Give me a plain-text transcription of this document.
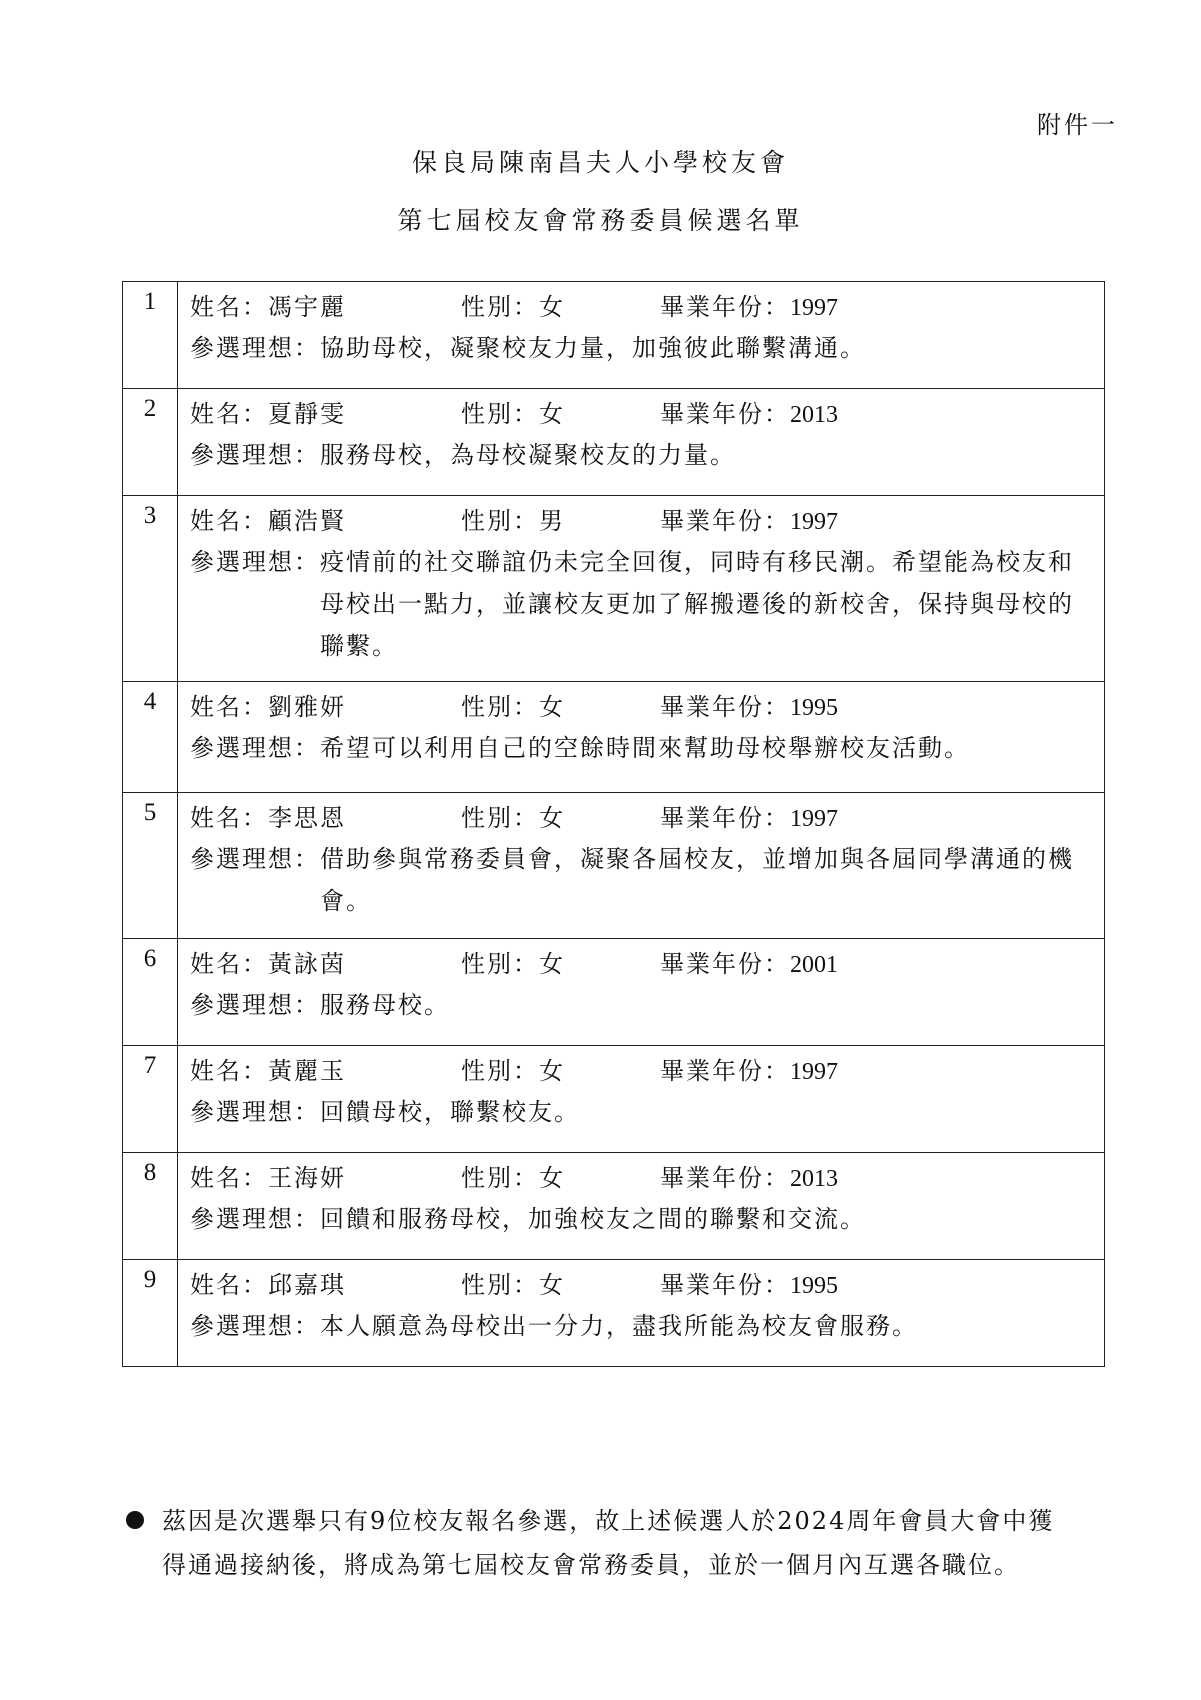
附件一
保良局陳南昌夫人小學校友會
第七屆校友會常務委員候選名單
1	姓名：馮宇麗 性別：女 畢業年份：1997
參選理想： 協助母校，凝聚校友力量，加強彼此聯繫溝通。

2	姓名：夏靜雯 性別：女 畢業年份：2013
參選理想： 服務母校，為母校凝聚校友的力量。

3	姓名：顧浩賢 性別：男 畢業年份：1997
參選理想： 疫情前的社交聯誼仍未完全回復，同時有移民潮。希望能為校友和母校出一點力，並讓校友更加了解搬遷後的新校舍，保持與母校的聯繫。

4	姓名：劉雅妍 性別：女 畢業年份：1995
參選理想： 希望可以利用自己的空餘時間來幫助母校舉辦校友活動。

5	姓名：李思恩 性別：女 畢業年份：1997
參選理想： 借助參與常務委員會，凝聚各屆校友，並增加與各屆同學溝通的機會。

6	姓名：黃詠茵 性別：女 畢業年份：2001
參選理想： 服務母校。

7	姓名：黃麗玉 性別：女 畢業年份：1997
參選理想： 回饋母校，聯繫校友。

8	姓名：王海妍 性別：女 畢業年份：2013
參選理想： 回饋和服務母校，加強校友之間的聯繫和交流。

9	姓名：邱嘉琪 性別：女 畢業年份：1995
參選理想： 本人願意為母校出一分力，盡我所能為校友會服務。
茲因是次選舉只有9位校友報名參選，故上述候選人於2024周年會員大會中獲
得通過接納後，將成為第七屆校友會常務委員，並於一個月內互選各職位。
